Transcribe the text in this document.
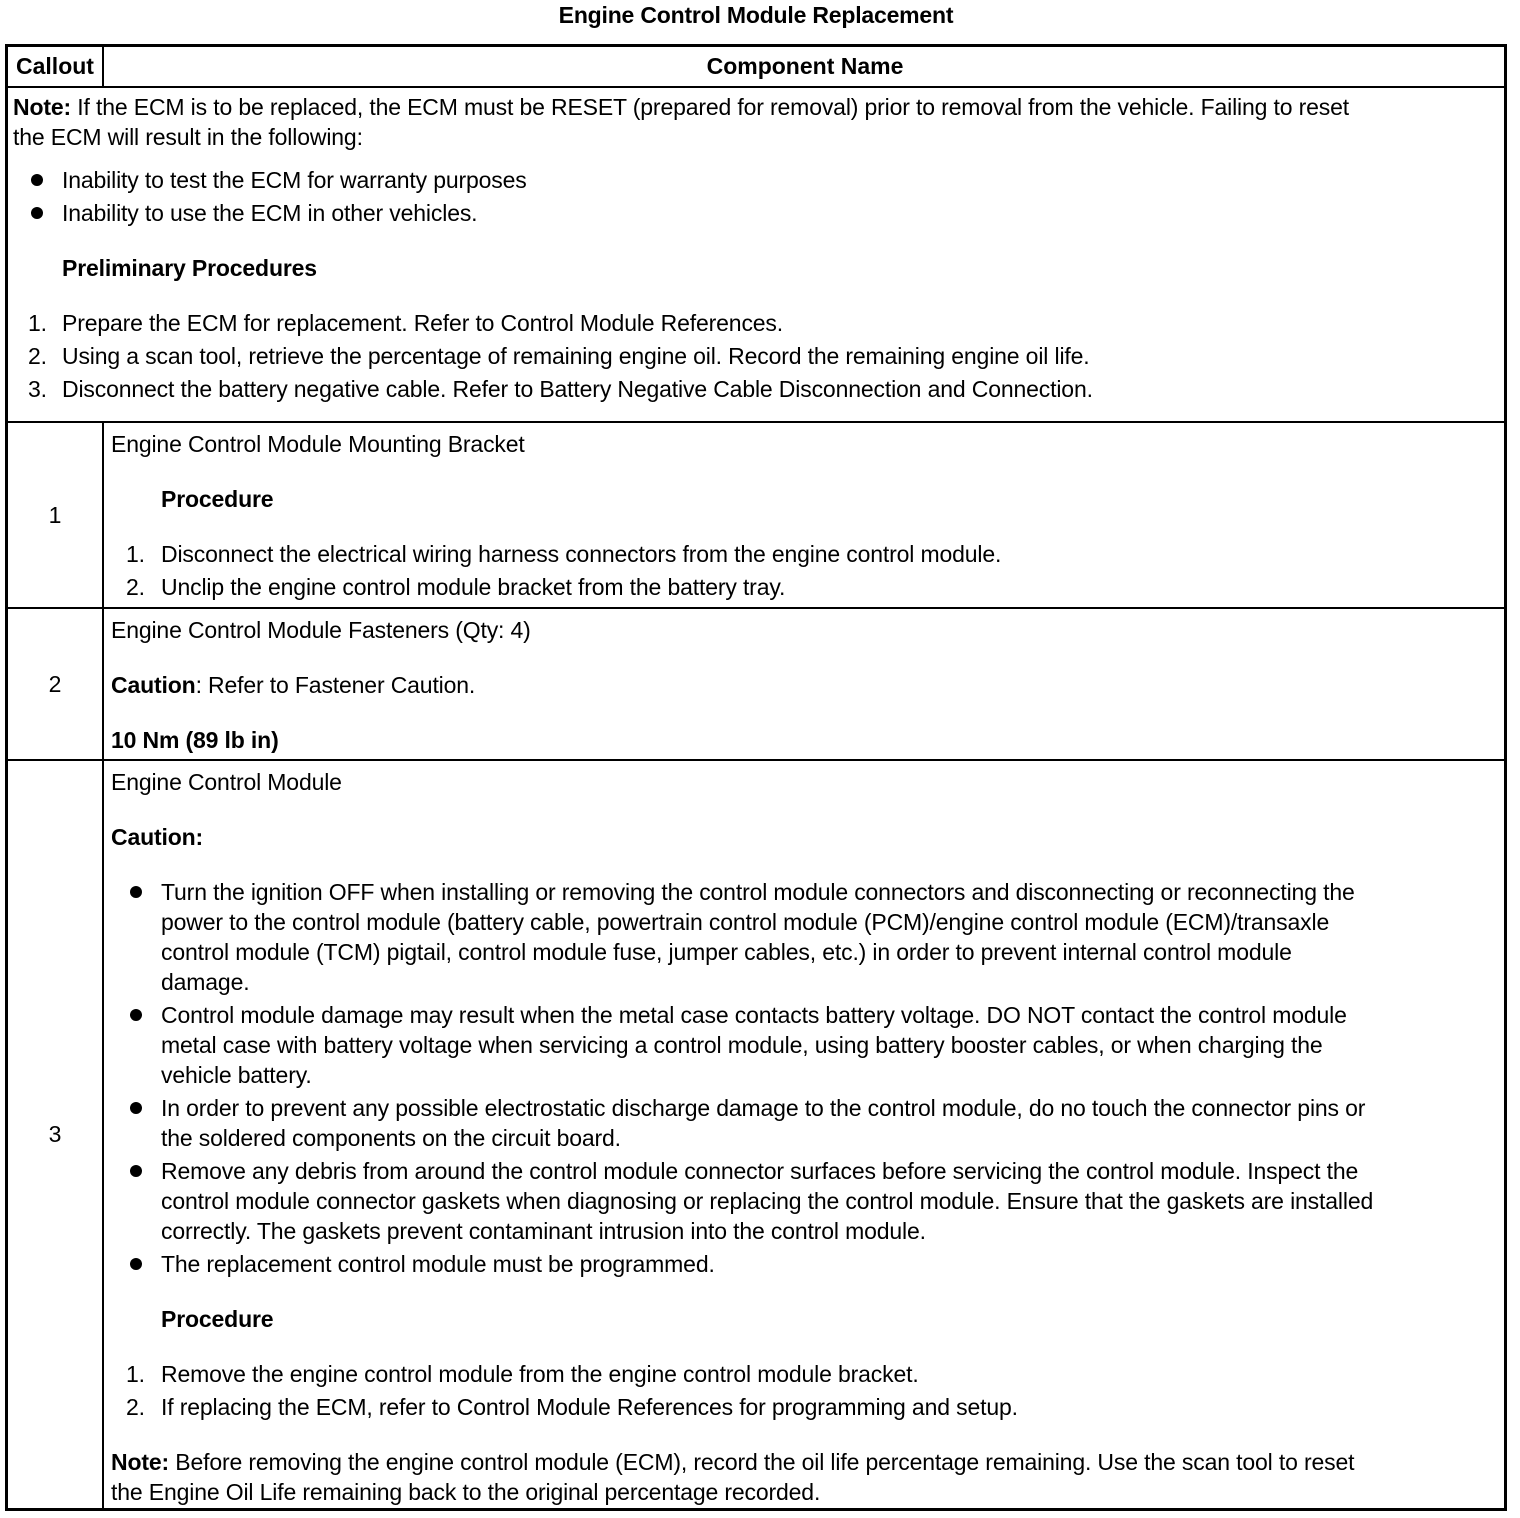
Engine Control Module Replacement
Callout	Component Name
Note: If the ECM is to be replaced, the ECM must be RESET (prepared for removal) prior to removal from the vehicle. Failing to reset
the ECM will result in the following:
Inability to test the ECM for warranty purposes
Inability to use the ECM in other vehicles.
Preliminary Procedures
1. Prepare the ECM for replacement. Refer to Control Module References.
2. Using a scan tool, retrieve the percentage of remaining engine oil. Record the remaining engine oil life.
3. Disconnect the battery negative cable. Refer to Battery Negative Cable Disconnection and Connection.
1
Engine Control Module Mounting Bracket
Procedure
1. Disconnect the electrical wiring harness connectors from the engine control module.
2. Unclip the engine control module bracket from the battery tray.
2
Engine Control Module Fasteners (Qty: 4)
Caution: Refer to Fastener Caution.
10 Nm (89 lb in)
3
Engine Control Module
Caution:
Turn the ignition OFF when installing or removing the control module connectors and disconnecting or reconnecting the
power to the control module (battery cable, powertrain control module (PCM)/engine control module (ECM)/transaxle
control module (TCM) pigtail, control module fuse, jumper cables, etc.) in order to prevent internal control module
damage.
Control module damage may result when the metal case contacts battery voltage. DO NOT contact the control module
metal case with battery voltage when servicing a control module, using battery booster cables, or when charging the
vehicle battery.
In order to prevent any possible electrostatic discharge damage to the control module, do no touch the connector pins or
the soldered components on the circuit board.
Remove any debris from around the control module connector surfaces before servicing the control module. Inspect the
control module connector gaskets when diagnosing or replacing the control module. Ensure that the gaskets are installed
correctly. The gaskets prevent contaminant intrusion into the control module.
The replacement control module must be programmed.
Procedure
1. Remove the engine control module from the engine control module bracket.
2. If replacing the ECM, refer to Control Module References for programming and setup.
Note: Before removing the engine control module (ECM), record the oil life percentage remaining. Use the scan tool to reset
the Engine Oil Life remaining back to the original percentage recorded.
